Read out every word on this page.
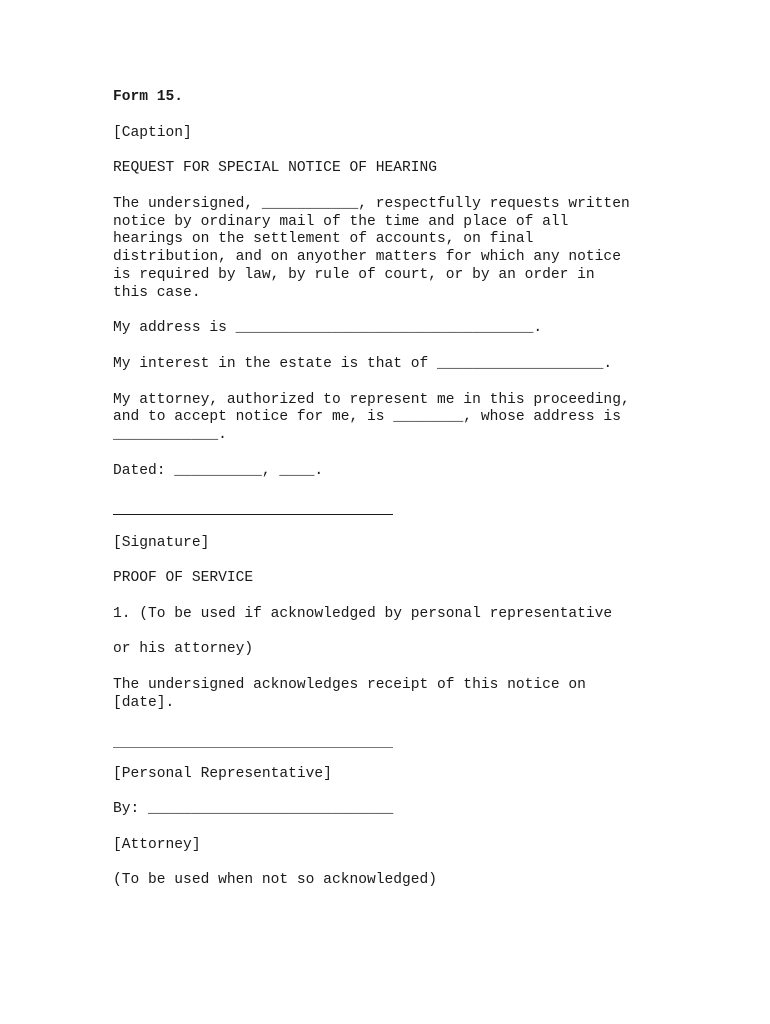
Form 15.

[Caption]

REQUEST FOR SPECIAL NOTICE OF HEARING

The undersigned, ___________, respectfully requests written

notice by ordinary mail of the time and place of all

hearings on the settlement of accounts, on final

distribution, and on anyother matters for which any notice

is required by law, by rule of court, or by an order in

this case.

My address is __________________________________.

My interest in the estate is that of ___________________.

My attorney, authorized to represent me in this proceeding,

and to accept notice for me, is ________, whose address is

____________.

Dated: __________, ____.

[Signature]

PROOF OF SERVICE

1. (To be used if acknowledged by personal representative

or his attorney)

The undersigned acknowledges receipt of this notice on

[date].

[Personal Representative]

By: ____________________________

[Attorney]

(To be used when not so acknowledged)
